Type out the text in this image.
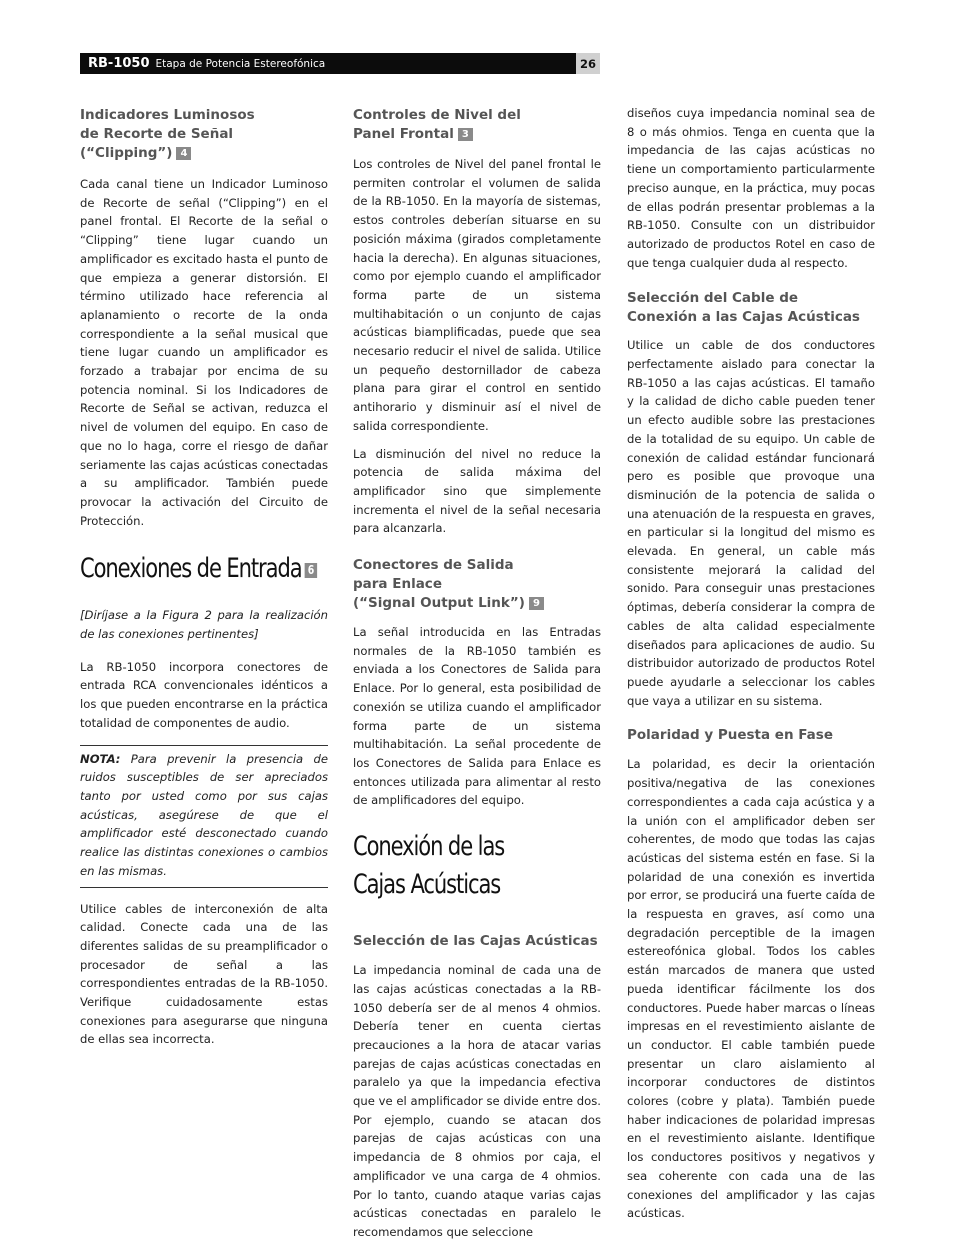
RB-1050 Etapa de Potencia Estereofónica	26
Indicadores Luminosos
de Recorte de Señal
(“Clipping”) 4

Cada canal tiene un Indicador Luminoso de Recorte de señal (“Clipping”) en el panel frontal. El Recorte de la señal o “Clipping” tiene lugar cuando un amplificador es excitado hasta el punto de que empieza a generar distorsión. El término utilizado hace referencia al aplanamiento o recorte de la onda correspondiente a la señal musical que tiene lugar cuando un amplificador es forzado a trabajar por encima de su potencia nominal. Si los Indicadores de Recorte de Señal se activan, reduzca el nivel de volumen del equipo. En caso de que no lo haga, corre el riesgo de dañar seriamente las cajas acústicas conectadas a su amplificador. También puede provocar la activación del Circuito de Protección.

Conexiones de Entrada 6

[Diríjase a la Figura 2 para la realización de las conexiones pertinentes]

La RB-1050 incorpora conectores de entrada RCA convencionales idénticos a los que pueden encontrarse en la práctica totalidad de componentes de audio.

NOTA: Para prevenir la presencia de ruidos susceptibles de ser apreciados tanto por usted como por sus cajas acústicas, asegúrese de que el amplificador esté desconectado cuando realice las distintas conexiones o cambios en las mismas.

Utilice cables de interconexión de alta calidad. Conecte cada una de las diferentes salidas de su preamplificador o procesador de señal a las correspondientes entradas de la RB-1050. Verifique cuidadosamente estas conexiones para asegurarse que ninguna de ellas sea incorrecta.

Controles de Nivel del
Panel Frontal 3

Los controles de Nivel del panel frontal le permiten controlar el volumen de salida de la RB-1050. En la mayoría de sistemas, estos controles deberían situarse en su posición máxima (girados completamente hacia la derecha). En algunas situaciones, como por ejemplo cuando el amplificador forma parte de un sistema multihabitación o un conjunto de cajas acústicas biamplificadas, puede que sea necesario reducir el nivel de salida. Utilice un pequeño destornillador de cabeza plana para girar el control en sentido antihorario y disminuir así el nivel de salida correspondiente.

La disminución del nivel no reduce la potencia de salida máxima del amplificador sino que simplemente incrementa el nivel de la señal necesaria para alcanzarla.

Conectores de Salida
para Enlace
(“Signal Output Link”) 9

La señal introducida en las Entradas normales de la RB-1050 también es enviada a los Conectores de Salida para Enlace. Por lo general, esta posibilidad de conexión se utiliza cuando el amplificador forma parte de un sistema multihabitación. La señal procedente de los Conectores de Salida para Enlace es entonces utilizada para alimentar al resto de amplificadores del equipo.

Conexión de las
Cajas Acústicas
Selección de las Cajas Acústicas

La impedancia nominal de cada una de las cajas acústicas conectadas a la RB-1050 debería ser de al menos 4 ohmios. Debería tener en cuenta ciertas precauciones a la hora de atacar varias parejas de cajas acústicas conectadas en paralelo ya que la impedancia efectiva que ve el amplificador se divide entre dos. Por ejemplo, cuando se atacan dos parejas de cajas acústicas con una impedancia de 8 ohmios por caja, el amplificador ve una carga de 4 ohmios. Por lo tanto, cuando ataque varias cajas acústicas conectadas en paralelo le recomendamos que seleccione

diseños cuya impedancia nominal sea de 8 o más ohmios. Tenga en cuenta que la impedancia de las cajas acústicas no tiene un comportamiento particularmente preciso aunque, en la práctica, muy pocas de ellas podrán presentar problemas a la RB-1050. Consulte con un distribuidor autorizado de productos Rotel en caso de que tenga cualquier duda al respecto.

Selección del Cable de
Conexión a las Cajas Acústicas

Utilice un cable de dos conductores perfectamente aislado para conectar la RB-1050 a las cajas acústicas. El tamaño y la calidad de dicho cable pueden tener un efecto audible sobre las prestaciones de la totalidad de su equipo. Un cable de conexión de calidad estándar funcionará pero es posible que provoque una disminución de la potencia de salida o una atenuación de la respuesta en graves, en particular si la longitud del mismo es elevada. En general, un cable más consistente mejorará la calidad del sonido. Para conseguir unas prestaciones óptimas, debería considerar la compra de cables de alta calidad especialmente diseñados para aplicaciones de audio. Su distribuidor autorizado de productos Rotel puede ayudarle a seleccionar los cables que vaya a utilizar en su sistema.

Polaridad y Puesta en Fase

La polaridad, es decir la orientación positiva/negativa de las conexiones correspondientes a cada caja acústica y a la unión con el amplificador deben ser coherentes, de modo que todas las cajas acústicas del sistema estén en fase. Si la polaridad de una conexión es invertida por error, se producirá una fuerte caída de la respuesta en graves, así como una degradación perceptible de la imagen estereofónica global. Todos los cables están marcados de manera que usted pueda identificar fácilmente los dos conductores. Puede haber marcas o líneas impresas en el revestimiento aislante de un conductor. El cable también puede presentar un claro aislamiento al incorporar conductores de distintos colores (cobre y plata). También puede haber indicaciones de polaridad impresas en el revestimiento aislante. Identifique los conductores positivos y negativos y sea coherente con cada una de las conexiones del amplificador y las cajas acústicas.
